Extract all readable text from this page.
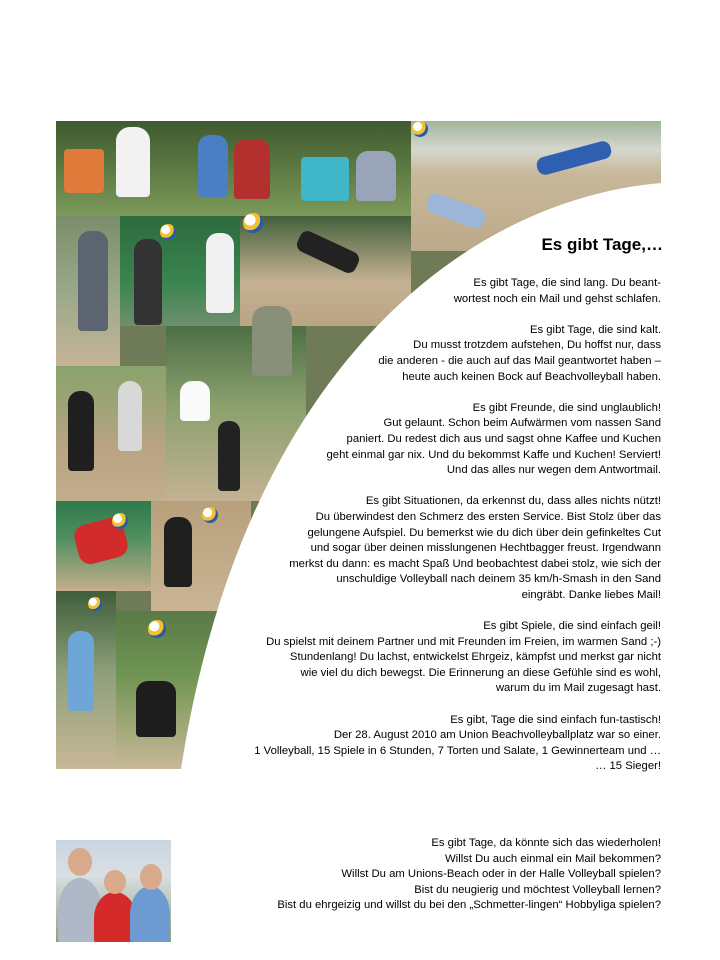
Es gibt Tage,…

Es gibt Tage, die sind lang. Du beant-
wortest noch ein Mail und gehst schlafen.

Es gibt Tage, die sind kalt.
Du musst trotzdem aufstehen, Du hoffst nur, dass
die anderen - die auch auf das Mail geantwortet haben –
heute auch keinen Bock auf Beachvolleyball haben.

Es gibt Freunde, die sind unglaublich!
Gut gelaunt. Schon beim Aufwärmen vom nassen Sand
paniert. Du redest dich aus und sagst ohne Kaffee und Kuchen
geht einmal gar nix. Und du bekommst Kaffe und Kuchen! Serviert!
Und das alles nur wegen dem Antwortmail.

Es gibt Situationen, da erkennst du, dass alles nichts nützt!
Du überwindest den Schmerz des ersten Service. Bist Stolz über das
gelungene Aufspiel. Du bemerkst wie du dich über dein gefinkeltes Cut
und sogar über deinen misslungenen Hechtbagger freust. Irgendwann
merkst du dann: es macht Spaß Und beobachtest dabei stolz, wie sich der
unschuldige Volleyball nach deinem 35 km/h-Smash in den Sand
eingräbt. Danke liebes Mail!

Es gibt Spiele, die sind einfach geil!
Du spielst mit deinem Partner und mit Freunden im Freien, im warmen Sand ;-)
Stundenlang! Du lachst, entwickelst Ehrgeiz, kämpfst und merkst gar nicht
wie viel du dich bewegst. Die Erinnerung an diese Gefühle sind es wohl,
warum du im Mail zugesagt hast.

Es gibt, Tage die sind einfach fun-tastisch!
Der 28. August 2010 am Union Beachvolleyballplatz war so einer.
1 Volleyball, 15 Spiele in 6 Stunden, 7 Torten und Salate, 1 Gewinnerteam und …
… 15 Sieger!

Es gibt Tage, da könnte sich das wiederholen!
Willst Du auch einmal ein Mail bekommen?
Willst Du am Unions-Beach oder in der Halle Volleyball spielen?
Bist du neugierig und möchtest Volleyball lernen?
Bist du ehrgeizig und willst du bei den „Schmetter-lingen“ Hobbyliga spielen?
